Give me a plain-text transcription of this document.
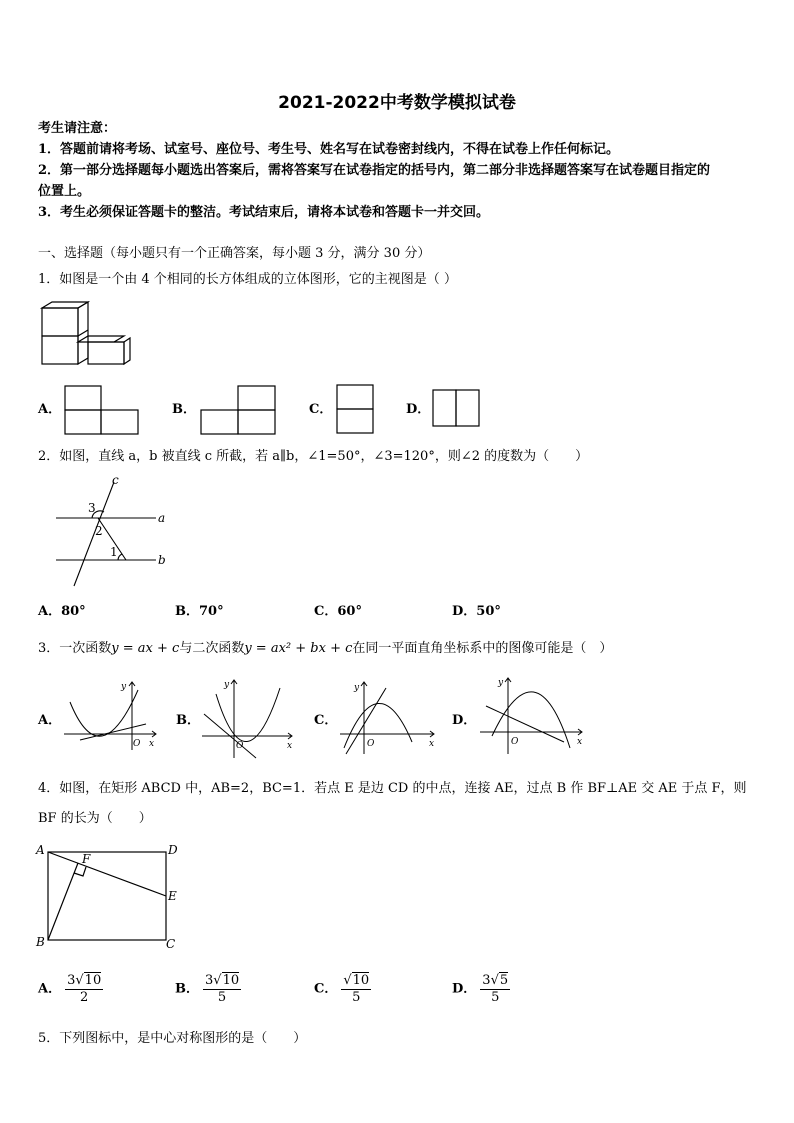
2021-2022中考数学模拟试卷
考生请注意：
1．答题前请将考场、试室号、座位号、考生号、姓名写在试卷密封线内，不得在试卷上作任何标记。
2．第一部分选择题每小题选出答案后，需将答案写在试卷指定的括号内，第二部分非选择题答案写在试卷题目指定的
位置上。
3．考生必须保证答题卡的整洁。考试结束后，请将本试卷和答题卡一并交回。
一、选择题（每小题只有一个正确答案，每小题 3 分，满分 30 分）
1．如图是一个由 4 个相同的长方体组成的立体图形，它的主视图是（ ）
A．	B．	C．	D．
2．如图，直线 a，b 被直线 c 所截，若 a∥b，∠1=50°，∠3=120°，则∠2 的度数为（　　）
c
a
b
3
2
1
A．80°	B．70°	C．60°	D．50°
3．一次函数y = ax + c与二次函数y = ax² + bx + c在同一平面直角坐标系中的图像可能是（　）
A．
y
x
O
B．
y
x
O
C．
y
x
O
D．
y
x
O
4．如图，在矩形 ABCD 中，AB=2，BC=1．若点 E 是边 CD 的中点，连接 AE，过点 B 作 BF⊥AE 交 AE 于点 F，则
BF 的长为（　　）
A	D
B	C
E
F
A． $\frac{3√10}{2}$	B． $\frac{3√10}{5}$	C． $\frac{√10}{5}$	D． $\frac{3√5}{5}$
5．下列图标中，是中心对称图形的是（　　）
